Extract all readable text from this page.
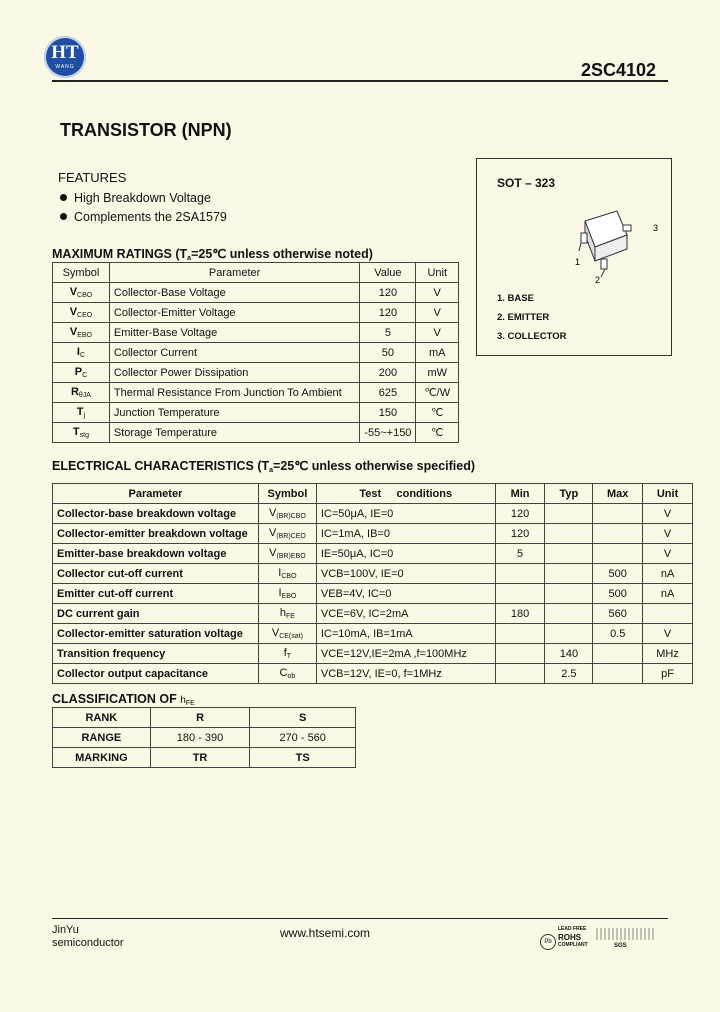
HT
WANG	2SC4102
TRANSISTOR (NPN)
FEATURES
High Breakdown Voltage
Complements the 2SA1579
SOT – 323
1
2
3
1. BASE
2. EMITTER
3. COLLECTOR
MAXIMUM RATINGS ($T_a=25℃$ unless otherwise noted)
Symbol	Parameter	Value	Unit
$V_{CBO}$	Collector-Base Voltage	120	V
$V_{CEO}$	Collector-Emitter Voltage	120	V
$V_{EBO}$	Emitter-Base Voltage	5	V
$I_C$	Collector Current	50	mA
$P_C$	Collector Power Dissipation	200	mW
$R_{\theta JA}$	Thermal Resistance From Junction To Ambient	625	℃/W
$T_j$	Junction Temperature	150	℃
$T_{stg}$	Storage Temperature	-55~+150	℃
ELECTRICAL CHARACTERISTICS ($T_a=25℃$ unless otherwise specified)
Parameter	Symbol	Test     conditions	Min	Typ	Max	Unit
Collector-base breakdown voltage	$V_{(BR)CBO}$	IC=50μA, IE=0	120			V
Collector-emitter breakdown voltage	$V_{(BR)CEO}$	IC=1mA, IB=0	120			V
Emitter-base breakdown voltage	$V_{(BR)EBO}$	IE=50μA, IC=0	5			V
Collector cut-off current	$I_{CBO}$	VCB=100V, IE=0			500	nA
Emitter cut-off current	$I_{EBO}$	VEB=4V, IC=0			500	nA
DC current gain	$h_{FE}$	VCE=6V, IC=2mA	180		560	
Collector-emitter saturation voltage	$V_{CE(sat)}$	IC=10mA, IB=1mA			0.5	V
Transition frequency	$f_T$	VCE=12V,IE=2mA ,f=100MHz		140		MHz
Collector output capacitance	$C_{ob}$	VCB=12V, IE=0, f=1MHz		2.5		pF
CLASSIFICATION OF $h_{FE}$
RANK	R	S
RANGE	180 - 390	270 - 560
MARKING	TR	TS
JinYu
semiconductor
www.htsemi.com
Pb
LEAD FREE
ROHS
COMPLIANT	SGS
